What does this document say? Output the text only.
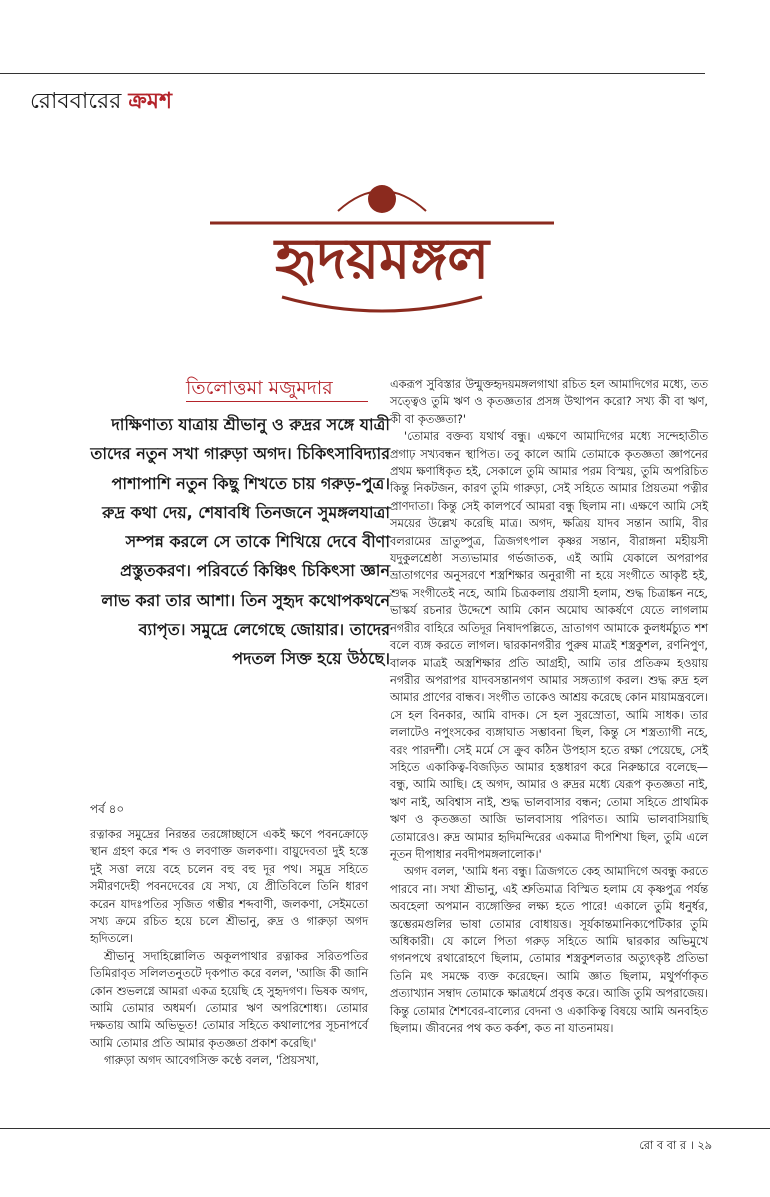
রোববারের ক্রমশ
হৃদয়মঙ্গল
তিলোত্তমা মজুমদার

দাক্ষিণাত্য যাত্রায় শ্রীভানু ও রুদ্রর সঙ্গে যাত্রী তাদের নতুন সখা গারুড়া অগদ। চিকিৎসাবিদ্যার পাশাপাশি নতুন কিছু শিখতে চায় গরুড়-পুত্র। রুদ্র কথা দেয়, শেষাবধি তিনজনে সুমঙ্গলযাত্রা সম্পন্ন করলে সে তাকে শিখিয়ে দেবে বীণা প্রস্তুতকরণ। পরিবর্তে কিঞ্চিৎ চিকিৎসা জ্ঞান লাভ করা তার আশা। তিন সুহৃদ কথোপকথনে ব্যাপৃত। সমুদ্রে লেগেছে জোয়ার। তাদের পদতল সিক্ত হয়ে উঠছে।

পর্ব ৪০

রত্নাকর সমুদ্রের নিরন্তর তরঙ্গোচ্ছাসে একই ক্ষণে পবনক্রোড়ে স্থান গ্রহণ করে শব্দ ও লবণাক্ত জলকণা। বায়ুদেবতা দুই হস্তে দুই সত্তা লয়ে বহে চলেন বহু বহু দূর পথ। সমুদ্র সহিতে সমীরণদেহী পবনদেবের যে সখ্য, যে প্রীতিবিলে তিনি ধারণ করেন যাদঃপতির সৃজিত গম্ভীর শব্দবাণী, জলকণা, সেইমতো সখ্য ক্রমে রচিত হয়ে চলে শ্রীভানু, রুদ্র ও গারুড়া অগদ হৃদিতলে।

শ্রীভানু সদাহিল্লোলিত অকূলপাথার রত্নাকর সরিতপতির তিমিরাবৃত সলিলতনুতটে দৃকপাত করে বলল, 'আজি কী জানি কোন শুভলগ্নে আমরা একত্র হয়েছি হে সুহৃদগণ। ভিষক অগদ, আমি তোমার অধমর্ণ। তোমার ঋণ অপরিশোধ্য। তোমার দক্ষতায় আমি অভিভূত! তোমার সহিতে কথালাপের সূচনাপর্বে আমি তোমার প্রতি আমার কৃতজ্ঞতা প্রকাশ করেছি।'

গারুড়া অগদ আবেগসিক্ত কণ্ঠে বলল, 'প্রিয়সখা,

একরূপ সুবিস্তার উন্মুক্তহৃদয়মঙ্গলগাথা রচিত হল আমাদিগের মধ্যে, তত সত্ত্বেও তুমি ঋণ ও কৃতজ্ঞতার প্রসঙ্গ উত্থাপন করো? সখ্য কী বা ঋণ, কী বা কৃতজ্ঞতা?'

'তোমার বক্তব্য যথার্থ বন্ধু। এক্ষণে আমাদিগের মধ্যে সন্দেহাতীত প্রগাঢ় সখ্যবন্ধন স্থাপিত। তবু কালে আমি তোমাকে কৃতজ্ঞতা জ্ঞাপনের প্রথম ক্ষণাধিকৃত হই, সেকালে তুমি আমার পরম বিস্ময়, তুমি অপরিচিত কিন্তু নিকটজন, কারণ তুমি গারুড়া, সেই সহিতে আমার প্রিয়তমা পত্নীর প্রাণদাতা। কিন্তু সেই কালপর্বে আমরা বন্ধু ছিলাম না। এক্ষণে আমি সেই সময়ের উল্লেখ করেছি মাত্র। অগদ, ক্ষত্রিয় যাদব সন্তান আমি, বীর বলরামের ভ্রাতুষ্পুত্র, ত্রিজগৎপাল কৃষ্ণর সন্তান, বীরাঙ্গনা মহীয়সী যদুকুলশ্রেষ্ঠা সত্যভামার গর্ভজাতক, এই আমি যেকালে অপরাপর ভ্রাতাগণের অনুসরণে শস্ত্রশিক্ষার অনুরাগী না হয়ে সংগীতে আকৃষ্ট হই, শুদ্ধ সংগীতেই নহে, আমি চিত্রকলায় প্রয়াসী হলাম, শুদ্ধ চিত্রাঙ্কন নহে, ভাস্কর্য রচনার উদ্দেশে আমি কোন অমোঘ আকর্ষণে যেতে লাগলাম নগরীর বাহিরে অতিদূর নিষাদপল্লিতে, ভ্রাতাগণ আমাকে কুলধর্মচ্যুত শশ বলে ব্যঙ্গ করতে লাগল। দ্বারকানগরীর পুরুষ মাত্রই শস্ত্রকুশল, রণনিপুণ, বালক মাত্রই অস্ত্রশিক্ষার প্রতি আগ্রহী, আমি তার প্রতিক্রম হওয়ায় নগরীর অপরাপর যাদবসন্তানগণ আমার সঙ্গত্যাগ করল। শুদ্ধ রুদ্র হল আমার প্রাণের বান্ধব। সংগীত তাকেও আশ্রয় করেছে কোন মায়ামন্ত্রবলে। সে হল বিনকার, আমি বাদক। সে হল সুরস্রোতা, আমি সাধক। তার ললাটেও নপুংসকের ব্যঙ্গাঘাত সম্ভাবনা ছিল, কিন্তু সে শস্ত্রত্যাগী নহে, বরং পারদর্শী। সেই মর্মে সে ক্রুব কঠিন উপহাস হতে রক্ষা পেয়েছে, সেই সহিতে একাকিত্ব-বিজড়িত আমার হস্তধারণ করে নিরুচ্চারে বলেছে— বন্ধু, আমি আছি। হে অগদ, আমার ও রুদ্রর মধ্যে যেরূপ কৃতজ্ঞতা নাই, ঋণ নাই, অবিশ্বাস নাই, শুদ্ধ ভালবাসার বন্ধন; তোমা সহিতে প্রাথমিক ঋণ ও কৃতজ্ঞতা আজি ভালবাসায় পরিণত। আমি ভালবাসিয়াছি তোমারেও। রুদ্র আমার হৃদিমন্দিরের একমাত্র দীপশিখা ছিল, তুমি এলে নূতন দীপাধার নবদীপমঙ্গলালোক।'

অগদ বলল, 'আমি ধন্য বন্ধু। ত্রিজগতে কেহ আমাদিগে অবন্ধু করতে পারবে না। সখা শ্রীভানু, এই শ্রুতিমাত্র বিস্মিত হলাম যে কৃষ্ণপুত্র পর্যন্ত অবহেলা অপমান ব্যঙ্গোক্তির লক্ষ্য হতে পারে! একালে তুমি ধনুর্ধর, স্তম্ভেরমগুলির ভাষা তোমার বোধায়ত্ত। সূর্যকান্তমানিক্যপেটিকার তুমি অধিকারী। যে কালে পিতা গরুড় সহিতে আমি দ্বারকার অভিমুখে গগনপথে রথারোহণে ছিলাম, তোমার শস্ত্রকুশলতার অত্যুৎকৃষ্ট প্রতিভা তিনি মৎ সমক্ষে ব্যক্ত করেছেন। আমি জ্ঞাত ছিলাম, মথুর্পর্ণাকৃত প্রত্যাখ্যান সম্বাদ তোমাকে ক্ষাত্রধর্মে প্রবৃত্ত করে। আজি তুমি অপরাজেয়। কিন্তু তোমার শৈশবের-বাল্যের বেদনা ও একাকিত্ব বিষয়ে আমি অনবহিত ছিলাম। জীবনের পথ কত কর্কশ, কত না যাতনাময়।

রো ব বা র । ২৯
